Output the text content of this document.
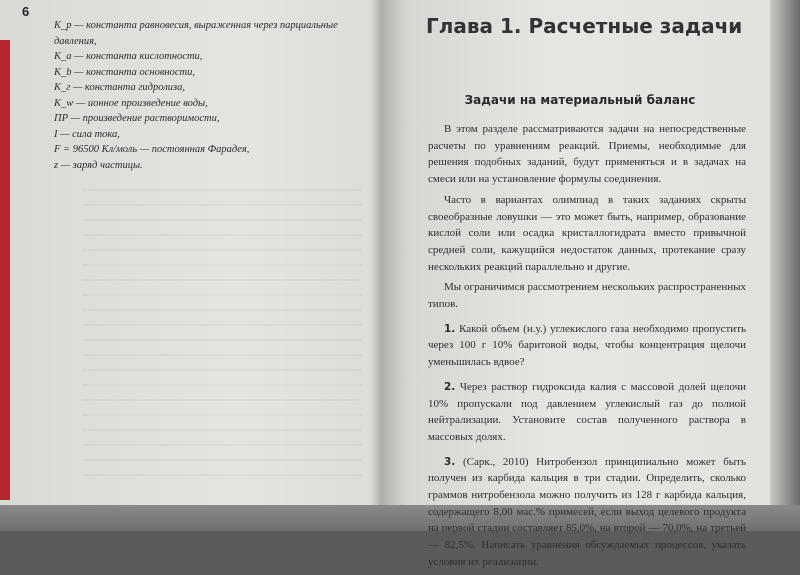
6
K_p — константа равновесия, выраженная через парциальные
давления,
K_a — константа кислотности,
K_b — константа основности,
K_г — константа гидролиза,
K_w — ионное произведение воды,
ПР — произведение растворимости,
I — сила тока,
F = 96500 Кл/моль — постоянная Фарадея,
z — заряд частицы.
Глава 1. Расчетные задачи
Задачи на материальный баланс

В этом разделе рассматриваются задачи на непосредственные расчеты по уравнениям реакций. Приемы, необходимые для решения подобных заданий, будут применяться и в задачах на смеси или на установление формулы соединения.

Часто в вариантах олимпиад в таких заданиях скрыты своеобразные ловушки — это может быть, например, образование кислой соли или осадка кристаллогидрата вместо привычной средней соли, кажущийся недостаток данных, протекание сразу нескольких реакций параллельно и другие.

Мы ограничимся рассмотрением нескольких распространенных типов.

1. Какой объем (н.у.) углекислого газа необходимо пропустить через 100 г 10% баритовой воды, чтобы концентрация щелочи уменьшилась вдвое?

2. Через раствор гидроксида калия с массовой долей щелочи 10% пропускали под давлением углекислый газ до полной нейтрализации. Установите состав полученного раствора в массовых долях.

3. (Сарк., 2010) Нитробензол принципиально может быть получен из карбида кальция в три стадии. Определить, сколько граммов нитробензола можно получить из 128 г карбида кальция, содержащего 8,00 мас.% примесей, если выход целевого продукта на первой стадии составляет 85,0%, на второй — 70,0%, на третьей — 82,5%. Написать уравнения обсуждаемых процессов, указать условия их реализации.
